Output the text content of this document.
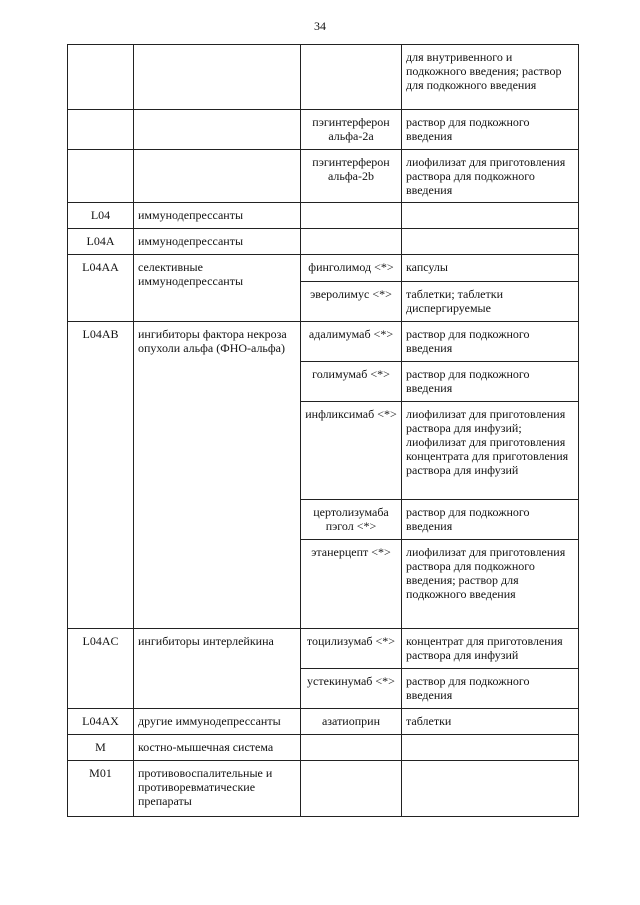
34
			для внутривенного и подкожного введения; раствор для подкожного введения
		пэгинтерферон альфа-2а	раствор для подкожного введения
		пэгинтерферон альфа-2b	лиофилизат для приготовления раствора для подкожного введения
L04	иммунодепрессанты		
L04A	иммунодепрессанты		
L04AA	селективные иммунодепрессанты	финголимод <*>	капсулы
		эверолимус <*>	таблетки; таблетки диспергируемые
L04AB	ингибиторы фактора некроза опухоли альфа (ФНО-альфа)	адалимумаб <*>	раствор для подкожного введения
		голимумаб <*>	раствор для подкожного введения
		инфликсимаб <*>	лиофилизат для приготовления раствора для инфузий; лиофилизат для приготовления концентрата для приготовления раствора для инфузий
		цертолизумаба пэгол <*>	раствор для подкожного введения
		этанерцепт <*>	лиофилизат для приготовления раствора для подкожного введения; раствор для подкожного введения
L04AC	ингибиторы интерлейкина	тоцилизумаб <*>	концентрат для приготовления раствора для инфузий
		устекинумаб <*>	раствор для подкожного введения
L04AX	другие иммунодепрессанты	азатиоприн	таблетки
M	костно-мышечная система		
M01	противовоспалительные и противоревматические препараты		
